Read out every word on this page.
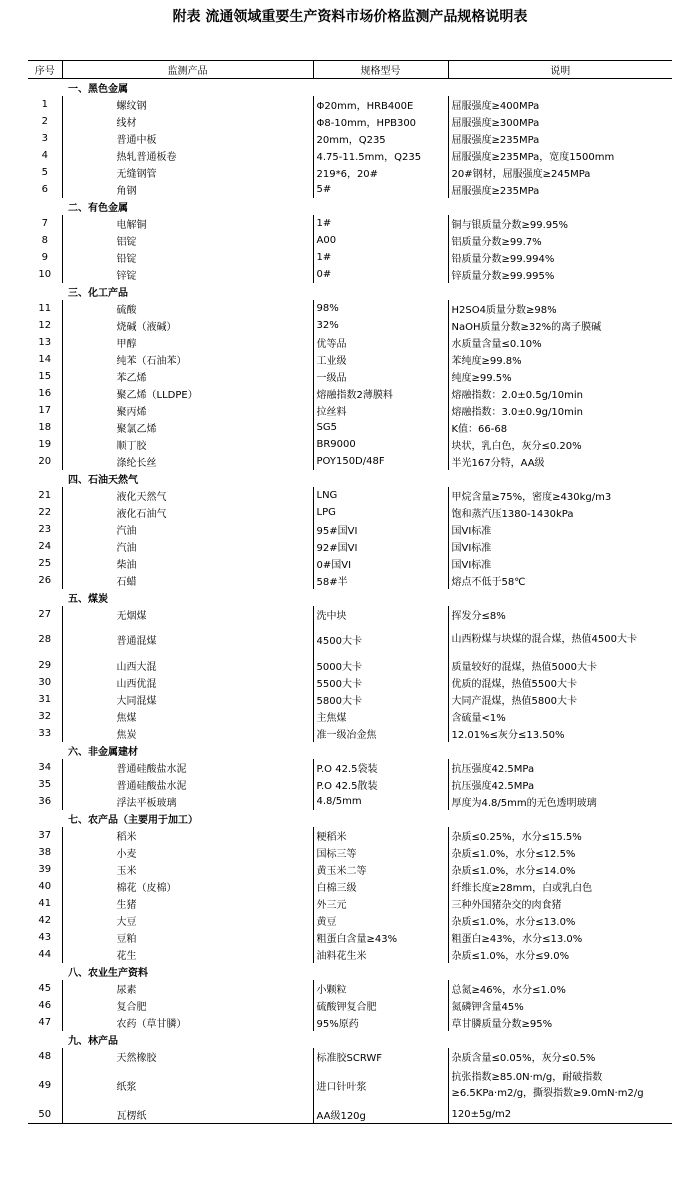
附表 流通领域重要生产资料市场价格监测产品规格说明表
序号	监测产品	规格型号	说明
	一、黑色金属		
1	螺纹钢	Φ20mm，HRB400E	屈服强度≥400MPa
2	线材	Φ8-10mm，HPB300	屈服强度≥300MPa
3	普通中板	20mm，Q235	屈服强度≥235MPa
4	热轧普通板卷	4.75-11.5mm，Q235	屈服强度≥235MPa，宽度1500mm
5	无缝钢管	219*6，20#	20#钢材，屈服强度≥245MPa
6	角钢	5#	屈服强度≥235MPa
	二、有色金属		
7	电解铜	1#	铜与银质量分数≥99.95%
8	铝锭	A00	铝质量分数≥99.7%
9	铅锭	1#	铅质量分数≥99.994%
10	锌锭	0#	锌质量分数≥99.995%
	三、化工产品		
11	硫酸	98%	H2SO4质量分数≥98%
12	烧碱（液碱）	32%	NaOH质量分数≥32%的离子膜碱
13	甲醇	优等品	水质量含量≤0.10%
14	纯苯（石油苯）	工业级	苯纯度≥99.8%
15	苯乙烯	一级品	纯度≥99.5%
16	聚乙烯（LLDPE）	熔融指数2薄膜料	熔融指数：2.0±0.5g/10min
17	聚丙烯	拉丝料	熔融指数：3.0±0.9g/10min
18	聚氯乙烯	SG5	K值：66-68
19	顺丁胶	BR9000	块状，乳白色，灰分≤0.20%
20	涤纶长丝	POY150D/48F	半光167分特，AA级
	四、石油天然气		
21	液化天然气	LNG	甲烷含量≥75%，密度≥430kg/m3
22	液化石油气	LPG	饱和蒸汽压1380-1430kPa
23	汽油	95#国VI	国VI标准
24	汽油	92#国VI	国VI标准
25	柴油	0#国VI	国VI标准
26	石蜡	58#半	熔点不低于58℃
	五、煤炭		
27	无烟煤	洗中块	挥发分≤8%
28	普通混煤	4500大卡	山西粉煤与块煤的混合煤，热值4500大卡
29	山西大混	5000大卡	质量较好的混煤，热值5000大卡
30	山西优混	5500大卡	优质的混煤，热值5500大卡
31	大同混煤	5800大卡	大同产混煤，热值5800大卡
32	焦煤	主焦煤	含硫量<1%
33	焦炭	准一级冶金焦	12.01%≤灰分≤13.50%
	六、非金属建材		
34	普通硅酸盐水泥	P.O 42.5袋装	抗压强度42.5MPa
35	普通硅酸盐水泥	P.O 42.5散装	抗压强度42.5MPa
36	浮法平板玻璃	4.8/5mm	厚度为4.8/5mm的无色透明玻璃
	七、农产品（主要用于加工）		
37	稻米	粳稻米	杂质≤0.25%，水分≤15.5%
38	小麦	国标三等	杂质≤1.0%，水分≤12.5%
39	玉米	黄玉米二等	杂质≤1.0%，水分≤14.0%
40	棉花（皮棉）	白棉三级	纤维长度≥28mm，白或乳白色
41	生猪	外三元	三种外国猪杂交的肉食猪
42	大豆	黄豆	杂质≤1.0%，水分≤13.0%
43	豆粕	粗蛋白含量≥43%	粗蛋白≥43%，水分≤13.0%
44	花生	油料花生米	杂质≤1.0%，水分≤9.0%
	八、农业生产资料		
45	尿素	小颗粒	总氮≥46%，水分≤1.0%
46	复合肥	硫酸钾复合肥	氮磷钾含量45%
47	农药（草甘膦）	95%原药	草甘膦质量分数≥95%
	九、林产品		
48	天然橡胶	标准胶SCRWF	杂质含量≤0.05%，灰分≤0.5%
49	纸浆	进口针叶浆	抗张指数≥85.0N·m/g，耐破指数≥6.5KPa·m2/g，撕裂指数≥9.0mN·m2/g
50	瓦楞纸	AA级120g	120±5g/m2
